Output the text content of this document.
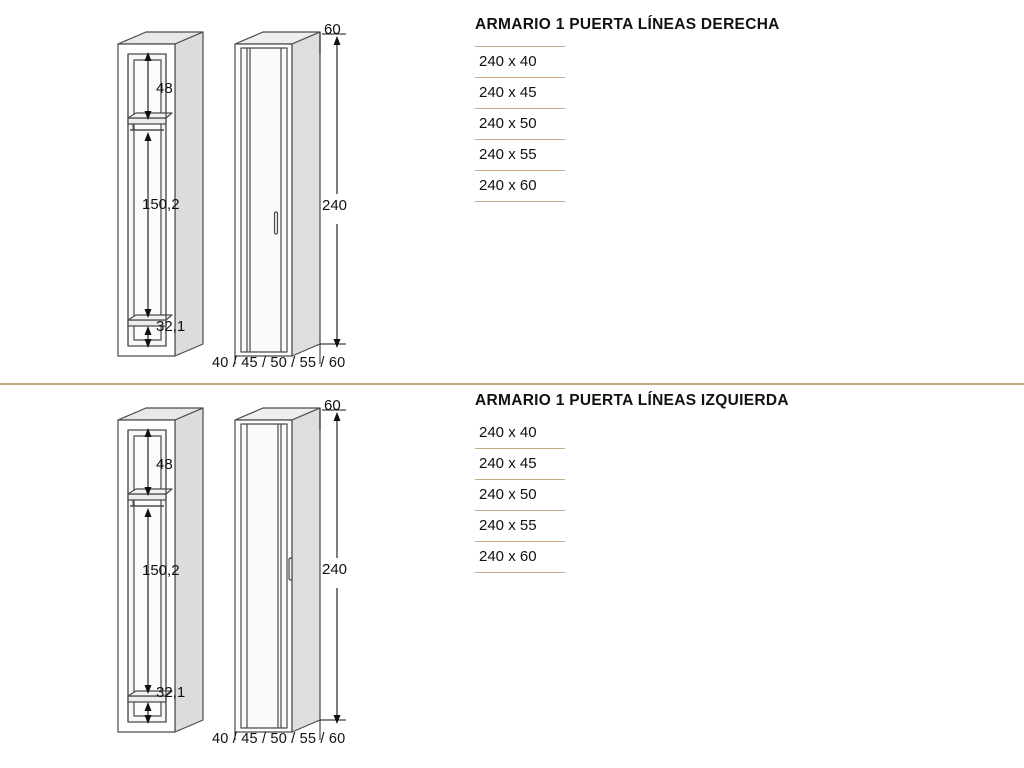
48
150,2
32,1
60
240
40 / 45 / 50 / 55 / 60
ARMARIO 1 PUERTA LÍNEAS DERECHA
240 x 40
240 x 45
240 x 50
240 x 55
240 x 60
48
150,2
32,1
60
240
40 / 45 / 50 / 55 / 60
ARMARIO 1 PUERTA LÍNEAS IZQUIERDA
240 x 40
240 x 45
240 x 50
240 x 55
240 x 60
